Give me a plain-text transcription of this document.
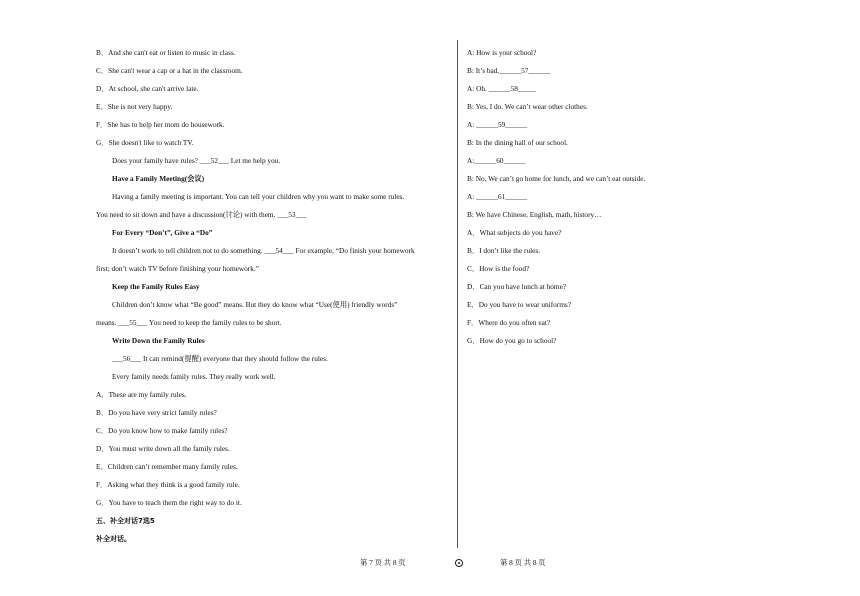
B．And she can't eat or listen to music in class.
C．She can't wear a cap or a hat in the classroom.
D．At school, she can't arrive late.
E．She is not very happy.
F．She has to help her mom do housework.
G．She doesn't like to watch TV.
Does your family have rules? ___52___ Let me help you.
Have a Family Meeting(会议)
Having a family meeting is important. You can tell your children why you want to make some rules.
You need to sit down and have a discussion(讨论) with them. ___53___
For Every “Don’t”, Give a “Do”
It doesn’t work to tell children not to do something. ___54___ For example, “Do finish your homework
first; don’t watch TV before finishing your homework.”
Keep the Family Rules Easy
Children don’t know what “Be good” means. But they do know what “Use(使用) friendly words”
means. ___55___ You need to keep the family rules to be short.
Write Down the Family Rules
___56___ It can remind(提醒) everyone that they should follow the rules.
Every family needs family rules. They really work well.
A．These are my family rules.
B．Do you have very strict family rules?
C．Do you know how to make family rules?
D．You must write down all the family rules.
E．Children can’t remember many family rules.
F．Asking what they think is a good family rule.
G．You have to teach them the right way to do it.
五、补全对话7选5
补全对话。
A: How is your school?
B: It’s bad.______57______
A: Oh. ______58_____
B: Yes, I do. We can’t wear other clothes.
A: ______59______
B: In the dining hall of our school.
A:______60______
B: No, We can’t go home for lunch, and we can’t eat outside.
A: ______61______
B: We have Chinese, English, math, history…
A．What subjects do you have?
B．I don’t like the rules.
C．How is the food?
D．Can you have lunch at home?
E．Do you have to wear uniforms?
F．Where do you often eat?
G．How do you go to school?
第 7 页 共 8 页	第 8 页 共 8 页
